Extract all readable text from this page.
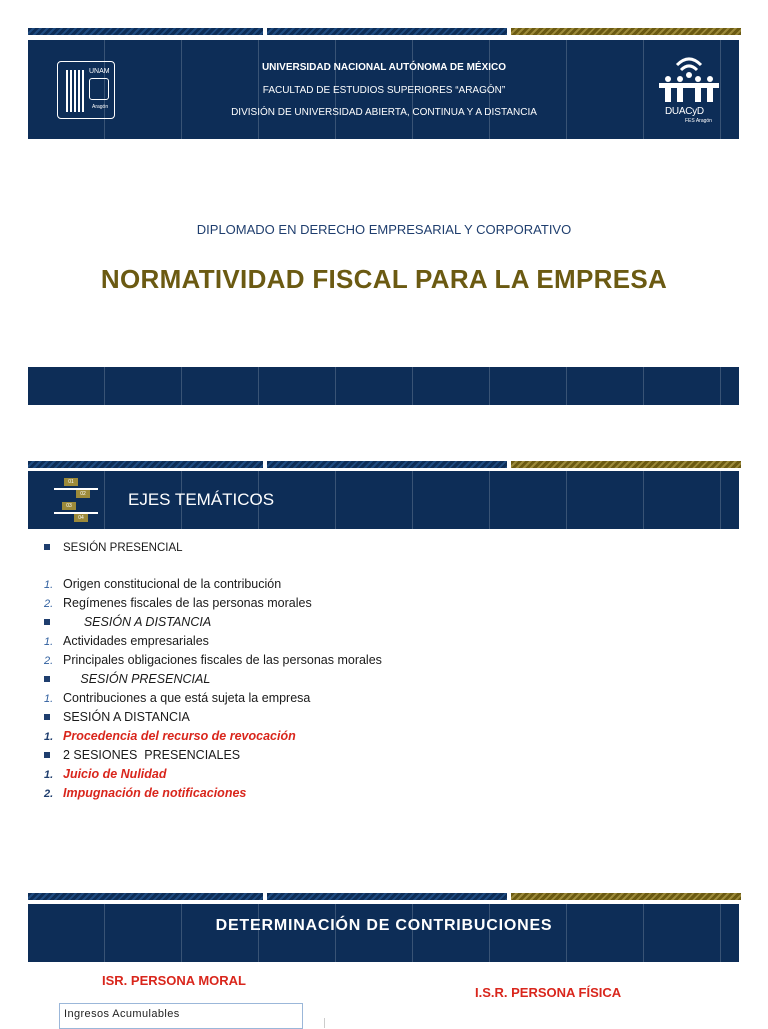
UNAM
Aragón
UNIVERSIDAD NACIONAL AUTÓNOMA DE MÉXICO
FACULTAD DE ESTUDIOS SUPERIORES “ARAGÓN”
DIVISIÓN DE UNIVERSIDAD ABIERTA, CONTINUA Y A DISTANCIA	DUACyD
FES Aragón
DIPLOMADO EN DERECHO EMPRESARIAL Y CORPORATIVO
NORMATIVIDAD FISCAL PARA LA EMPRESA
01
02
03
04
EJES TEMÁTICOS
SESIÓN PRESENCIAL
1. Origen constitucional de la contribución
2. Regímenes fiscales de las personas morales
SESIÓN A DISTANCIA
1. Actividades empresariales
2. Principales obligaciones fiscales de las personas morales
SESIÓN PRESENCIAL
1. Contribuciones a que está sujeta la empresa
SESIÓN A DISTANCIA
1. Procedencia del recurso de revocación
2 SESIONES  PRESENCIALES
1. Juicio de Nulidad
2. Impugnación de notificaciones
DETERMINACIÓN DE CONTRIBUCIONES
ISR. PERSONA MORAL
I.S.R. PERSONA FÍSICA
Ingresos Acumulables
